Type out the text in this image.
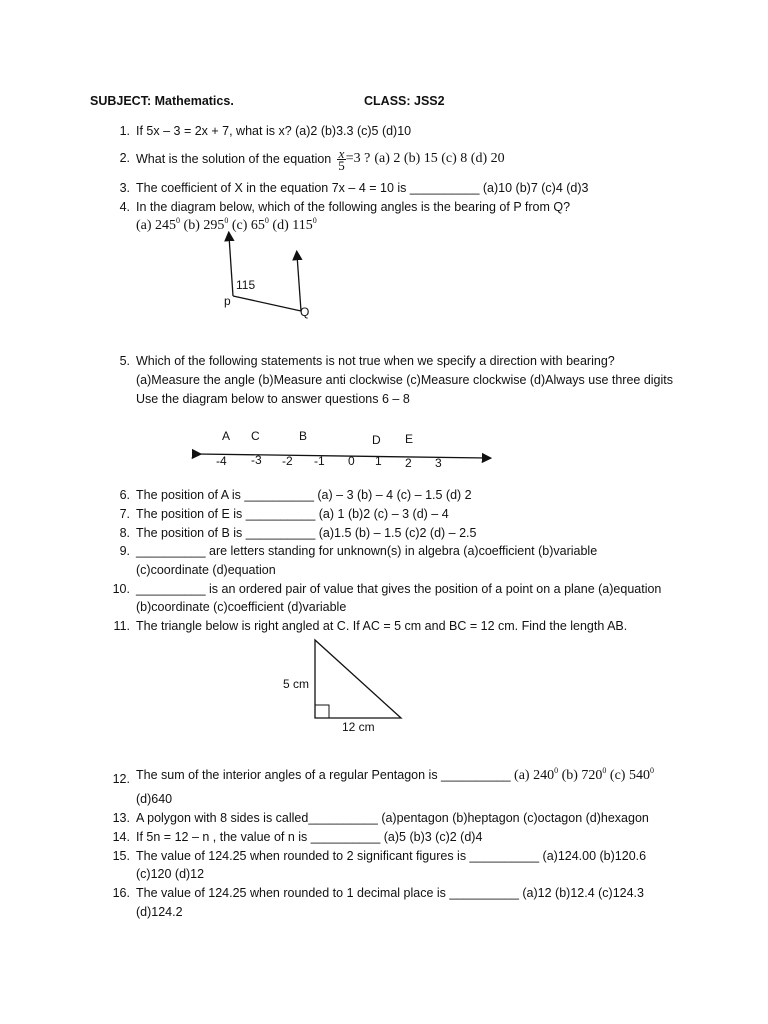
SUBJECT: Mathematics.	CLASS: JSS2
1. If 5x – 3 = 2x + 7, what is x? (a)2 (b)3.3 (c)5 (d)10
2. What is the solution of the equation $\frac{x}{5} =3$ ? (a) 2 (b) 15 (c) 8 (d) 20
3. The coefficient of X in the equation 7x – 4 = 10 is __________ (a)10 (b)7 (c)4 (d)3
4. In the diagram below, which of the following angles is the bearing of P from Q?
(a) $245^0$ (b) $295^0$ (c) $65^0$ (d) $115^0$
115
p
Q
5. Which of the following statements is not true when we specify a direction with bearing?
(a)Measure the angle (b)Measure anti clockwise (c)Measure clockwise (d)Always use three digits
Use the diagram below to answer questions 6 – 8
A C	B	D E
-4 -3 -2 -1 0 1 2 3
6. The position of A is __________ (a) – 3 (b) – 4 (c) – 1.5 (d) 2
7. The position of E is __________ (a) 1 (b)2 (c) – 3 (d) – 4
8. The position of B is __________ (a)1.5 (b) – 1.5 (c)2 (d) – 2.5
9. __________ are letters standing for unknown(s) in algebra (a)coefficient (b)variable
(c)coordinate (d)equation
10. __________ is an ordered pair of value that gives the position of a point on a plane (a)equation
(b)coordinate (c)coefficient (d)variable
11. The triangle below is right angled at C. If AC = 5 cm and BC = 12 cm. Find the length AB.
5 cm
12 cm
12. The sum of the interior angles of a regular Pentagon is __________ (a) $240^0$ (b) $720^0$ (c) $540^0$
(d)640
13. A polygon with 8 sides is called__________ (a)pentagon (b)heptagon (c)octagon (d)hexagon
14. If 5n = 12 – n , the value of n is __________ (a)5 (b)3 (c)2 (d)4
15. The value of 124.25 when rounded to 2 significant figures is __________ (a)124.00 (b)120.6
(c)120 (d)12
16. The value of 124.25 when rounded to 1 decimal place is __________ (a)12 (b)12.4 (c)124.3
(d)124.2
